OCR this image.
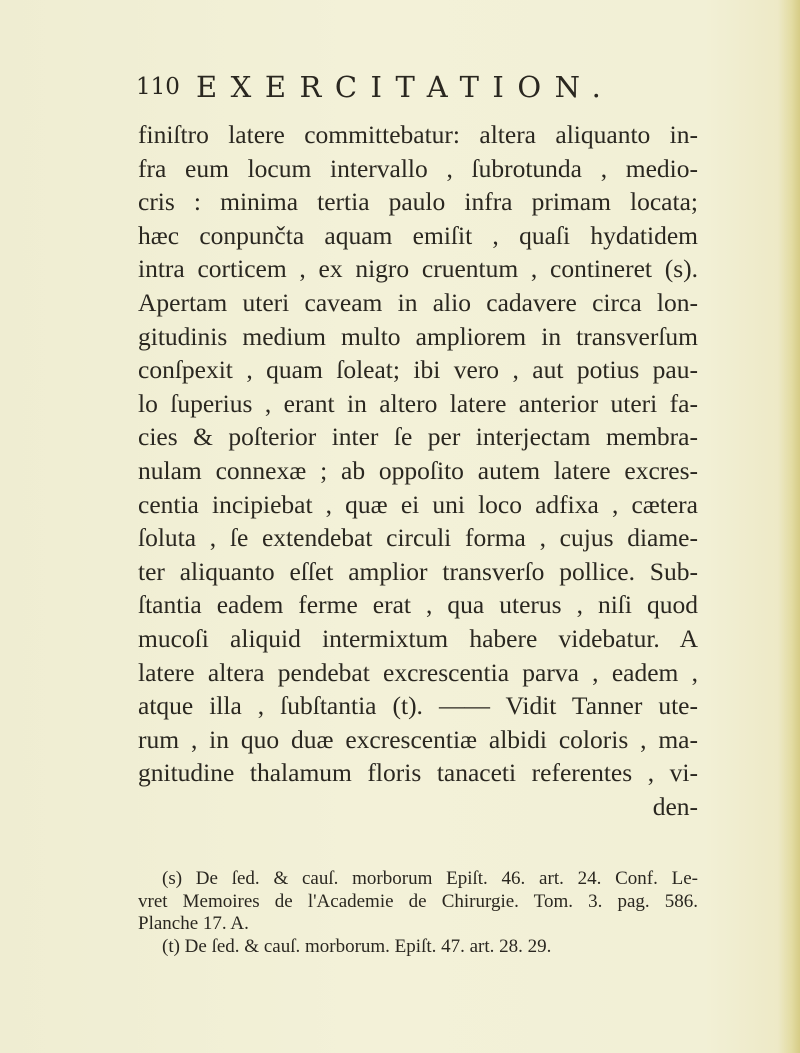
110 EXERCITATION.
finiſtro latere committebatur: altera aliquanto in-
fra eum locum intervallo , ſubrotunda , medio-
cris : minima tertia paulo infra primam locata;
hæc conpunčta aquam emiſit , quaſi hydatidem
intra corticem , ex nigro cruentum , contineret (s).
Apertam uteri caveam in alio cadavere circa lon-
gitudinis medium multo ampliorem in transverſum
conſpexit , quam ſoleat; ibi vero , aut potius pau-
lo ſuperius , erant in altero latere anterior uteri fa-
cies & poſterior inter ſe per interjectam membra-
nulam connexæ ; ab oppoſito autem latere excres-
centia incipiebat , quæ ei uni loco adfixa , cætera
ſoluta , ſe extendebat circuli forma , cujus diame-
ter aliquanto eſſet amplior transverſo pollice. Sub-
ſtantia eadem ferme erat , qua uterus , niſi quod
mucoſi aliquid intermixtum habere videbatur. A
latere altera pendebat excrescentia parva , eadem ,
atque illa , ſubſtantia (t). —— Vidit Tanner ute-
rum , in quo duæ excrescentiæ albidi coloris , ma-
gnitudine thalamum floris tanaceti referentes , vi-
den-
(s) De ſed. & cauſ. morborum Epiſt. 46. art. 24. Conf. Le-
vret Memoires de l'Academie de Chirurgie. Tom. 3. pag. 586.
Planche 17. A.
(t) De ſed. & cauſ. morborum. Epiſt. 47. art. 28. 29.
